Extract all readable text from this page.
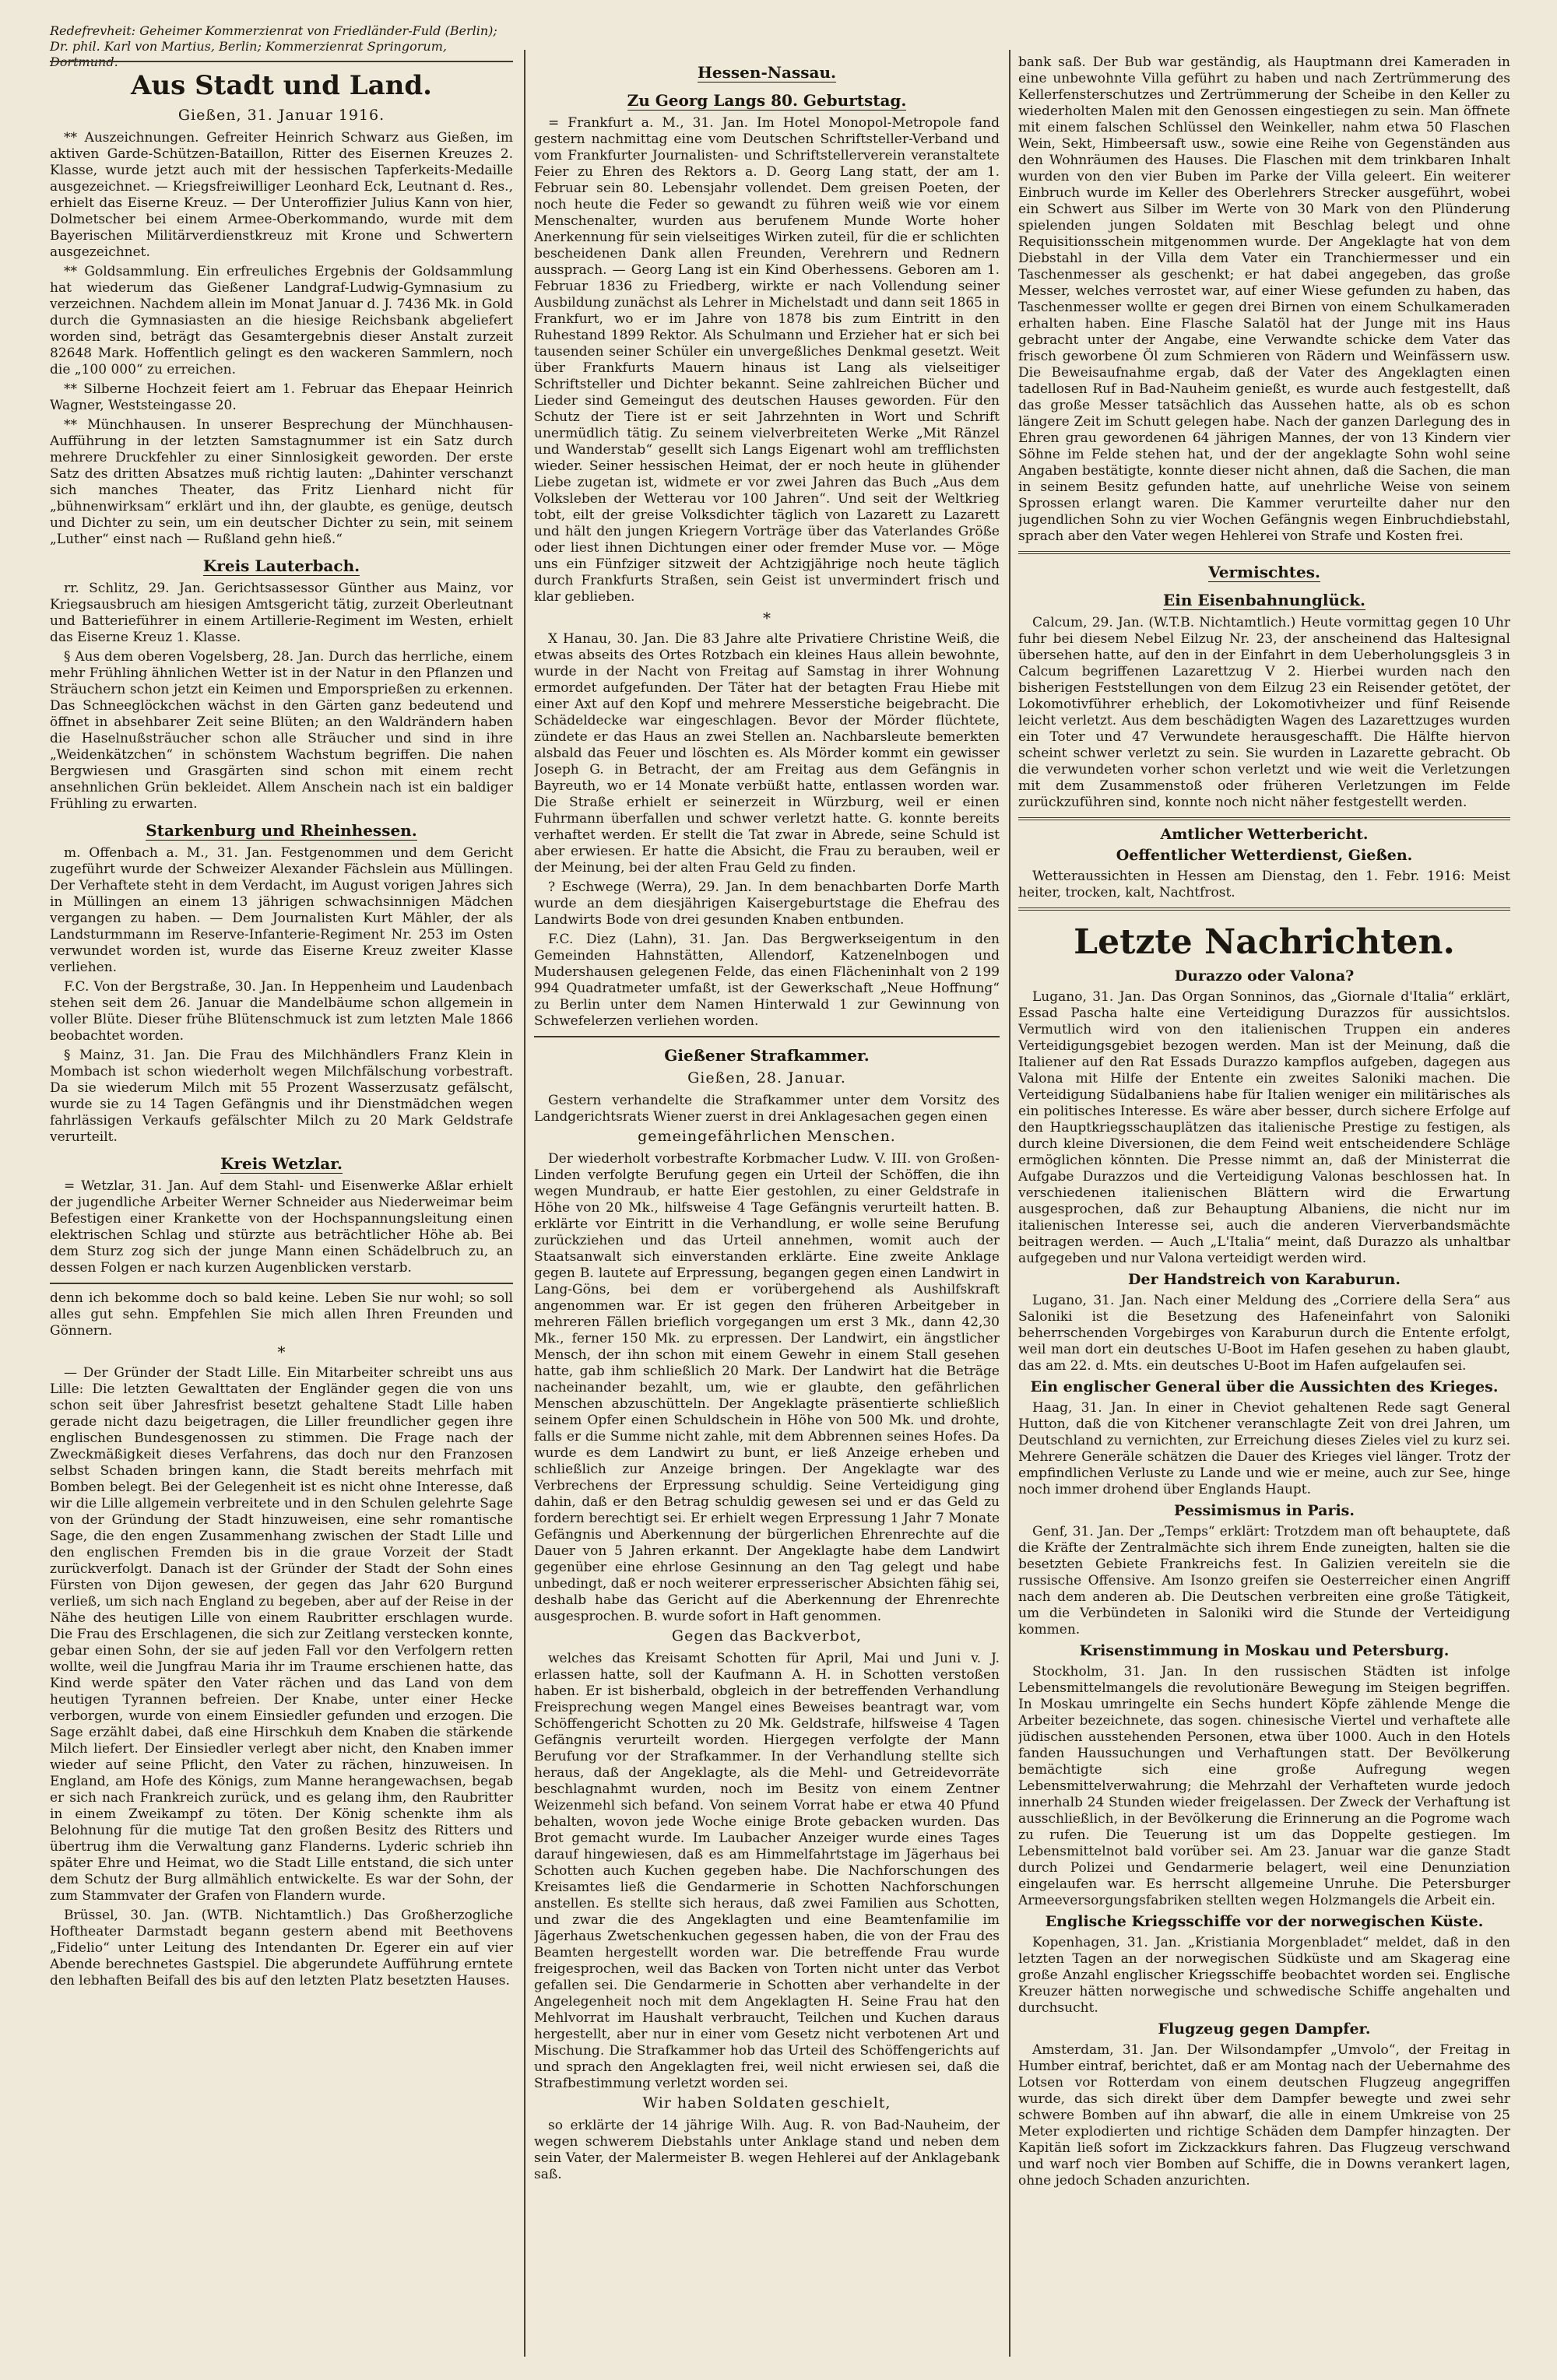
Redefrevheit: Geheimer Kommerzienrat von Friedländer-Fuld (Berlin); Dr. phil. Karl von Martius, Berlin; Kommerzienrat Springorum, Dortmund.
Aus Stadt und Land.
Gießen, 31. Januar 1916.

** Auszeichnungen. Gefreiter Heinrich Schwarz aus Gießen, im aktiven Garde-Schützen-Bataillon, Ritter des Eisernen Kreuzes 2. Klasse, wurde jetzt auch mit der hessischen Tapferkeits-Medaille ausgezeichnet. — Kriegsfreiwilliger Leonhard Eck, Leutnant d. Res., erhielt das Eiserne Kreuz. — Der Unteroffizier Julius Kann von hier, Dolmetscher bei einem Armee-Oberkommando, wurde mit dem Bayerischen Militärverdienstkreuz mit Krone und Schwertern ausgezeichnet.

** Goldsammlung. Ein erfreuliches Ergebnis der Goldsammlung hat wiederum das Gießener Landgraf-Ludwig-Gymnasium zu verzeichnen. Nachdem allein im Monat Januar d. J. 7436 Mk. in Gold durch die Gymnasiasten an die hiesige Reichsbank abgeliefert worden sind, beträgt das Gesamtergebnis dieser Anstalt zurzeit 82648 Mark. Hoffentlich gelingt es den wackeren Sammlern, noch die „100 000“ zu erreichen.

** Silberne Hochzeit feiert am 1. Februar das Ehepaar Heinrich Wagner, Weststeingasse 20.

** Münchhausen. In unserer Besprechung der Münchhausen-Aufführung in der letzten Samstagnummer ist ein Satz durch mehrere Druckfehler zu einer Sinnlosigkeit geworden. Der erste Satz des dritten Absatzes muß richtig lauten: „Dahinter verschanzt sich manches Theater, das Fritz Lienhard nicht für „bühnenwirksam“ erklärt und ihn, der glaubte, es genüge, deutsch und Dichter zu sein, um ein deutscher Dichter zu sein, mit seinem „Luther“ einst nach — Rußland gehn hieß.“

Kreis Lauterbach.

rr. Schlitz, 29. Jan. Gerichtsassessor Günther aus Mainz, vor Kriegsausbruch am hiesigen Amtsgericht tätig, zurzeit Oberleutnant und Batterieführer in einem Artillerie-Regiment im Westen, erhielt das Eiserne Kreuz 1. Klasse.

§ Aus dem oberen Vogelsberg, 28. Jan. Durch das herrliche, einem mehr Frühling ähnlichen Wetter ist in der Natur in den Pflanzen und Sträuchern schon jetzt ein Keimen und Emporsprießen zu erkennen. Das Schneeglöckchen wächst in den Gärten ganz bedeutend und öffnet in absehbarer Zeit seine Blüten; an den Waldrändern haben die Haselnußsträucher schon alle Sträucher und sind in ihre „Weidenkätzchen“ in schönstem Wachstum begriffen. Die nahen Bergwiesen und Grasgärten sind schon mit einem recht ansehnlichen Grün bekleidet. Allem Anschein nach ist ein baldiger Frühling zu erwarten.

Starkenburg und Rheinhessen.

m. Offenbach a. M., 31. Jan. Festgenommen und dem Gericht zugeführt wurde der Schweizer Alexander Fächslein aus Müllingen. Der Verhaftete steht in dem Verdacht, im August vorigen Jahres sich in Müllingen an einem 13 jährigen schwachsinnigen Mädchen vergangen zu haben. — Dem Journalisten Kurt Mähler, der als Landsturmmann im Reserve-Infanterie-Regiment Nr. 253 im Osten verwundet worden ist, wurde das Eiserne Kreuz zweiter Klasse verliehen.

F.C. Von der Bergstraße, 30. Jan. In Heppenheim und Laudenbach stehen seit dem 26. Januar die Mandelbäume schon allgemein in voller Blüte. Dieser frühe Blütenschmuck ist zum letzten Male 1866 beobachtet worden.

§ Mainz, 31. Jan. Die Frau des Milchhändlers Franz Klein in Mombach ist schon wiederholt wegen Milchfälschung vorbestraft. Da sie wiederum Milch mit 55 Prozent Wasserzusatz gefälscht, wurde sie zu 14 Tagen Gefängnis und ihr Dienstmädchen wegen fahrlässigen Verkaufs gefälschter Milch zu 20 Mark Geldstrafe verurteilt.

Kreis Wetzlar.

= Wetzlar, 31. Jan. Auf dem Stahl- und Eisenwerke Aßlar erhielt der jugendliche Arbeiter Werner Schneider aus Niederweimar beim Befestigen einer Krankette von der Hochspannungsleitung einen elektrischen Schlag und stürzte aus beträchtlicher Höhe ab. Bei dem Sturz zog sich der junge Mann einen Schädelbruch zu, an dessen Folgen er nach kurzen Augenblicken verstarb.

denn ich bekomme doch so bald keine. Leben Sie nur wohl; so soll alles gut sehn. Empfehlen Sie mich allen Ihren Freunden und Gönnern.

*

— Der Gründer der Stadt Lille. Ein Mitarbeiter schreibt uns aus Lille: Die letzten Gewalttaten der Engländer gegen die von uns schon seit über Jahresfrist besetzt gehaltene Stadt Lille haben gerade nicht dazu beigetragen, die Liller freundlicher gegen ihre englischen Bundesgenossen zu stimmen. Die Frage nach der Zweckmäßigkeit dieses Verfahrens, das doch nur den Franzosen selbst Schaden bringen kann, die Stadt bereits mehrfach mit Bomben belegt. Bei der Gelegenheit ist es nicht ohne Interesse, daß wir die Lille allgemein verbreitete und in den Schulen gelehrte Sage von der Gründung der Stadt hinzuweisen, eine sehr romantische Sage, die den engen Zusammenhang zwischen der Stadt Lille und den englischen Fremden bis in die graue Vorzeit der Stadt zurückverfolgt. Danach ist der Gründer der Stadt der Sohn eines Fürsten von Dijon gewesen, der gegen das Jahr 620 Burgund verließ, um sich nach England zu begeben, aber auf der Reise in der Nähe des heutigen Lille von einem Raubritter erschlagen wurde. Die Frau des Erschlagenen, die sich zur Zeitlang verstecken konnte, gebar einen Sohn, der sie auf jeden Fall vor den Verfolgern retten wollte, weil die Jungfrau Maria ihr im Traume erschienen hatte, das Kind werde später den Vater rächen und das Land von dem heutigen Tyrannen befreien. Der Knabe, unter einer Hecke verborgen, wurde von einem Einsiedler gefunden und erzogen. Die Sage erzählt dabei, daß eine Hirschkuh dem Knaben die stärkende Milch liefert. Der Einsiedler verlegt aber nicht, den Knaben immer wieder auf seine Pflicht, den Vater zu rächen, hinzuweisen. In England, am Hofe des Königs, zum Manne herangewachsen, begab er sich nach Frankreich zurück, und es gelang ihm, den Raubritter in einem Zweikampf zu töten. Der König schenkte ihm als Belohnung für die mutige Tat den großen Besitz des Ritters und übertrug ihm die Verwaltung ganz Flanderns. Lyderic schrieb ihn später Ehre und Heimat, wo die Stadt Lille entstand, die sich unter dem Schutz der Burg allmählich entwickelte. Es war der Sohn, der zum Stammvater der Grafen von Flandern wurde.

Brüssel, 30. Jan. (WTB. Nichtamtlich.) Das Großherzogliche Hoftheater Darmstadt begann gestern abend mit Beethovens „Fidelio“ unter Leitung des Intendanten Dr. Egerer ein auf vier Abende berechnetes Gastspiel. Die abgerundete Aufführung erntete den lebhaften Beifall des bis auf den letzten Platz besetzten Hauses.

Hessen-Nassau.
Zu Georg Langs 80. Geburtstag.

= Frankfurt a. M., 31. Jan. Im Hotel Monopol-Metropole fand gestern nachmittag eine vom Deutschen Schriftsteller-Verband und vom Frankfurter Journalisten- und Schriftstellerverein veranstaltete Feier zu Ehren des Rektors a. D. Georg Lang statt, der am 1. Februar sein 80. Lebensjahr vollendet. Dem greisen Poeten, der noch heute die Feder so gewandt zu führen weiß wie vor einem Menschenalter, wurden aus berufenem Munde Worte hoher Anerkennung für sein vielseitiges Wirken zuteil, für die er schlichten bescheidenen Dank allen Freunden, Verehrern und Rednern aussprach. — Georg Lang ist ein Kind Oberhessens. Geboren am 1. Februar 1836 zu Friedberg, wirkte er nach Vollendung seiner Ausbildung zunächst als Lehrer in Michelstadt und dann seit 1865 in Frankfurt, wo er im Jahre von 1878 bis zum Eintritt in den Ruhestand 1899 Rektor. Als Schulmann und Erzieher hat er sich bei tausenden seiner Schüler ein unvergeßliches Denkmal gesetzt. Weit über Frankfurts Mauern hinaus ist Lang als vielseitiger Schriftsteller und Dichter bekannt. Seine zahlreichen Bücher und Lieder sind Gemeingut des deutschen Hauses geworden. Für den Schutz der Tiere ist er seit Jahrzehnten in Wort und Schrift unermüdlich tätig. Zu seinem vielverbreiteten Werke „Mit Ränzel und Wanderstab“ gesellt sich Langs Eigenart wohl am trefflichsten wieder. Seiner hessischen Heimat, der er noch heute in glühender Liebe zugetan ist, widmete er vor zwei Jahren das Buch „Aus dem Volksleben der Wetterau vor 100 Jahren“. Und seit der Weltkrieg tobt, eilt der greise Volksdichter täglich von Lazarett zu Lazarett und hält den jungen Kriegern Vorträge über das Vaterlandes Größe oder liest ihnen Dichtungen einer oder fremder Muse vor. — Möge uns ein Fünfziger sitzweit der Achtzigjährige noch heute täglich durch Frankfurts Straßen, sein Geist ist unvermindert frisch und klar geblieben.

*

X Hanau, 30. Jan. Die 83 Jahre alte Privatiere Christine Weiß, die etwas abseits des Ortes Rotzbach ein kleines Haus allein bewohnte, wurde in der Nacht von Freitag auf Samstag in ihrer Wohnung ermordet aufgefunden. Der Täter hat der betagten Frau Hiebe mit einer Axt auf den Kopf und mehrere Messerstiche beigebracht. Die Schädeldecke war eingeschlagen. Bevor der Mörder flüchtete, zündete er das Haus an zwei Stellen an. Nachbarsleute bemerkten alsbald das Feuer und löschten es. Als Mörder kommt ein gewisser Joseph G. in Betracht, der am Freitag aus dem Gefängnis in Bayreuth, wo er 14 Monate verbüßt hatte, entlassen worden war. Die Straße erhielt er seinerzeit in Würzburg, weil er einen Fuhrmann überfallen und schwer verletzt hatte. G. konnte bereits verhaftet werden. Er stellt die Tat zwar in Abrede, seine Schuld ist aber erwiesen. Er hatte die Absicht, die Frau zu berauben, weil er der Meinung, bei der alten Frau Geld zu finden.

? Eschwege (Werra), 29. Jan. In dem benachbarten Dorfe Marth wurde an dem diesjährigen Kaisergeburtstage die Ehefrau des Landwirts Bode von drei gesunden Knaben entbunden.

F.C. Diez (Lahn), 31. Jan. Das Bergwerkseigentum in den Gemeinden Hahnstätten, Allendorf, Katzenelnbogen und Mudershausen gelegenen Felde, das einen Flächeninhalt von 2 199 994 Quadratmeter umfaßt, ist der Gewerkschaft „Neue Hoffnung“ zu Berlin unter dem Namen Hinterwald 1 zur Gewinnung von Schwefelerzen verliehen worden.

Gießener Strafkammer.
Gießen, 28. Januar.

Gestern verhandelte die Strafkammer unter dem Vorsitz des Landgerichtsrats Wiener zuerst in drei Anklagesachen gegen einen

gemeingefährlichen Menschen.

Der wiederholt vorbestrafte Korbmacher Ludw. V. III. von Großen-Linden verfolgte Berufung gegen ein Urteil der Schöffen, die ihn wegen Mundraub, er hatte Eier gestohlen, zu einer Geldstrafe in Höhe von 20 Mk., hilfsweise 4 Tage Gefängnis verurteilt hatten. B. erklärte vor Eintritt in die Verhandlung, er wolle seine Berufung zurückziehen und das Urteil annehmen, womit auch der Staatsanwalt sich einverstanden erklärte. Eine zweite Anklage gegen B. lautete auf Erpressung, begangen gegen einen Landwirt in Lang-Göns, bei dem er vorübergehend als Aushilfskraft angenommen war. Er ist gegen den früheren Arbeitgeber in mehreren Fällen brieflich vorgegangen um erst 3 Mk., dann 42,30 Mk., ferner 150 Mk. zu erpressen. Der Landwirt, ein ängstlicher Mensch, der ihn schon mit einem Gewehr in einem Stall gesehen hatte, gab ihm schließlich 20 Mark. Der Landwirt hat die Beträge nacheinander bezahlt, um, wie er glaubte, den gefährlichen Menschen abzuschütteln. Der Angeklagte präsentierte schließlich seinem Opfer einen Schuldschein in Höhe von 500 Mk. und drohte, falls er die Summe nicht zahle, mit dem Abbrennen seines Hofes. Da wurde es dem Landwirt zu bunt, er ließ Anzeige erheben und schließlich zur Anzeige bringen. Der Angeklagte war des Verbrechens der Erpressung schuldig. Seine Verteidigung ging dahin, daß er den Betrag schuldig gewesen sei und er das Geld zu fordern berechtigt sei. Er erhielt wegen Erpressung 1 Jahr 7 Monate Gefängnis und Aberkennung der bürgerlichen Ehrenrechte auf die Dauer von 5 Jahren erkannt. Der Angeklagte habe dem Landwirt gegenüber eine ehrlose Gesinnung an den Tag gelegt und habe unbedingt, daß er noch weiterer erpresserischer Absichten fähig sei, deshalb habe das Gericht auf die Aberkennung der Ehrenrechte ausgesprochen. B. wurde sofort in Haft genommen.

Gegen das Backverbot,

welches das Kreisamt Schotten für April, Mai und Juni v. J. erlassen hatte, soll der Kaufmann A. H. in Schotten verstoßen haben. Er ist bisherbald, obgleich in der betreffenden Verhandlung Freisprechung wegen Mangel eines Beweises beantragt war, vom Schöffengericht Schotten zu 20 Mk. Geldstrafe, hilfsweise 4 Tagen Gefängnis verurteilt worden. Hiergegen verfolgte der Mann Berufung vor der Strafkammer. In der Verhandlung stellte sich heraus, daß der Angeklagte, als die Mehl- und Getreidevorräte beschlagnahmt wurden, noch im Besitz von einem Zentner Weizenmehl sich befand. Von seinem Vorrat habe er etwa 40 Pfund behalten, wovon jede Woche einige Brote gebacken wurden. Das Brot gemacht wurde. Im Laubacher Anzeiger wurde eines Tages darauf hingewiesen, daß es am Himmelfahrtstage im Jägerhaus bei Schotten auch Kuchen gegeben habe. Die Nachforschungen des Kreisamtes ließ die Gendarmerie in Schotten Nachforschungen anstellen. Es stellte sich heraus, daß zwei Familien aus Schotten, und zwar die des Angeklagten und eine Beamtenfamilie im Jägerhaus Zwetschenkuchen gegessen haben, die von der Frau des Beamten hergestellt worden war. Die betreffende Frau wurde freigesprochen, weil das Backen von Torten nicht unter das Verbot gefallen sei. Die Gendarmerie in Schotten aber verhandelte in der Angelegenheit noch mit dem Angeklagten H. Seine Frau hat den Mehlvorrat im Haushalt verbraucht, Teilchen und Kuchen daraus hergestellt, aber nur in einer vom Gesetz nicht verbotenen Art und Mischung. Die Strafkammer hob das Urteil des Schöffengerichts auf und sprach den Angeklagten frei, weil nicht erwiesen sei, daß die Strafbestimmung verletzt worden sei.

Wir haben Soldaten geschielt,

so erklärte der 14 jährige Wilh. Aug. R. von Bad-Nauheim, der wegen schwerem Diebstahls unter Anklage stand und neben dem sein Vater, der Malermeister B. wegen Hehlerei auf der Anklagebank saß.

bank saß. Der Bub war geständig, als Hauptmann drei Kameraden in eine unbewohnte Villa geführt zu haben und nach Zertrümmerung des Kellerfensterschutzes und Zertrümmerung der Scheibe in den Keller zu wiederholten Malen mit den Genossen eingestiegen zu sein. Man öffnete mit einem falschen Schlüssel den Weinkeller, nahm etwa 50 Flaschen Wein, Sekt, Himbeersaft usw., sowie eine Reihe von Gegenständen aus den Wohnräumen des Hauses. Die Flaschen mit dem trinkbaren Inhalt wurden von den vier Buben im Parke der Villa geleert. Ein weiterer Einbruch wurde im Keller des Oberlehrers Strecker ausgeführt, wobei ein Schwert aus Silber im Werte von 30 Mark von den Plünderung spielenden jungen Soldaten mit Beschlag belegt und ohne Requisitionsschein mitgenommen wurde. Der Angeklagte hat von dem Diebstahl in der Villa dem Vater ein Tranchiermesser und ein Taschenmesser als geschenkt; er hat dabei angegeben, das große Messer, welches verrostet war, auf einer Wiese gefunden zu haben, das Taschenmesser wollte er gegen drei Birnen von einem Schulkameraden erhalten haben. Eine Flasche Salatöl hat der Junge mit ins Haus gebracht unter der Angabe, eine Verwandte schicke dem Vater das frisch geworbene Öl zum Schmieren von Rädern und Weinfässern usw. Die Beweisaufnahme ergab, daß der Vater des Angeklagten einen tadellosen Ruf in Bad-Nauheim genießt, es wurde auch festgestellt, daß das große Messer tatsächlich das Aussehen hatte, als ob es schon längere Zeit im Schutt gelegen habe. Nach der ganzen Darlegung des in Ehren grau gewordenen 64 jährigen Mannes, der von 13 Kindern vier Söhne im Felde stehen hat, und der der angeklagte Sohn wohl seine Angaben bestätigte, konnte dieser nicht ahnen, daß die Sachen, die man in seinem Besitz gefunden hatte, auf unehrliche Weise von seinem Sprossen erlangt waren. Die Kammer verurteilte daher nur den jugendlichen Sohn zu vier Wochen Gefängnis wegen Einbruchdiebstahl, sprach aber den Vater wegen Hehlerei von Strafe und Kosten frei.

Vermischtes.
Ein Eisenbahnunglück.

Calcum, 29. Jan. (W.T.B. Nichtamtlich.) Heute vormittag gegen 10 Uhr fuhr bei diesem Nebel Eilzug Nr. 23, der anscheinend das Haltesignal übersehen hatte, auf den in der Einfahrt in dem Ueberholungsgleis 3 in Calcum begriffenen Lazarettzug V 2. Hierbei wurden nach den bisherigen Feststellungen von dem Eilzug 23 ein Reisender getötet, der Lokomotivführer erheblich, der Lokomotivheizer und fünf Reisende leicht verletzt. Aus dem beschädigten Wagen des Lazarettzuges wurden ein Toter und 47 Verwundete herausgeschafft. Die Hälfte hiervon scheint schwer verletzt zu sein. Sie wurden in Lazarette gebracht. Ob die verwundeten vorher schon verletzt und wie weit die Verletzungen mit dem Zusammenstoß oder früheren Verletzungen im Felde zurückzuführen sind, konnte noch nicht näher festgestellt werden.

Amtlicher Wetterbericht.
Oeffentlicher Wetterdienst, Gießen.

Wetteraussichten in Hessen am Dienstag, den 1. Febr. 1916: Meist heiter, trocken, kalt, Nachtfrost.

Letzte Nachrichten.
Durazzo oder Valona?

Lugano, 31. Jan. Das Organ Sonninos, das „Giornale d'Italia“ erklärt, Essad Pascha halte eine Verteidigung Durazzos für aussichtslos. Vermutlich wird von den italienischen Truppen ein anderes Verteidigungsgebiet bezogen werden. Man ist der Meinung, daß die Italiener auf den Rat Essads Durazzo kampflos aufgeben, dagegen aus Valona mit Hilfe der Entente ein zweites Saloniki machen. Die Verteidigung Südalbaniens habe für Italien weniger ein militärisches als ein politisches Interesse. Es wäre aber besser, durch sichere Erfolge auf den Hauptkriegsschauplätzen das italienische Prestige zu festigen, als durch kleine Diversionen, die dem Feind weit entscheidendere Schläge ermöglichen könnten. Die Presse nimmt an, daß der Ministerrat die Aufgabe Durazzos und die Verteidigung Valonas beschlossen hat. In verschiedenen italienischen Blättern wird die Erwartung ausgesprochen, daß zur Behauptung Albaniens, die nicht nur im italienischen Interesse sei, auch die anderen Vierverbandsmächte beitragen werden. — Auch „L'Italia“ meint, daß Durazzo als unhaltbar aufgegeben und nur Valona verteidigt werden wird.

Der Handstreich von Karaburun.

Lugano, 31. Jan. Nach einer Meldung des „Corriere della Sera“ aus Saloniki ist die Besetzung des Hafeneinfahrt von Saloniki beherrschenden Vorgebirges von Karaburun durch die Entente erfolgt, weil man dort ein deutsches U-Boot im Hafen gesehen zu haben glaubt, das am 22. d. Mts. ein deutsches U-Boot im Hafen aufgelaufen sei.

Ein englischer General über die Aussichten des Krieges.

Haag, 31. Jan. In einer in Cheviot gehaltenen Rede sagt General Hutton, daß die von Kitchener veranschlagte Zeit von drei Jahren, um Deutschland zu vernichten, zur Erreichung dieses Zieles viel zu kurz sei. Mehrere Generäle schätzen die Dauer des Krieges viel länger. Trotz der empfindlichen Verluste zu Lande und wie er meine, auch zur See, hinge noch immer drohend über Englands Haupt.

Pessimismus in Paris.

Genf, 31. Jan. Der „Temps“ erklärt: Trotzdem man oft behauptete, daß die Kräfte der Zentralmächte sich ihrem Ende zuneigten, halten sie die besetzten Gebiete Frankreichs fest. In Galizien vereiteln sie die russische Offensive. Am Isonzo greifen sie Oesterreicher einen Angriff nach dem anderen ab. Die Deutschen verbreiten eine große Tätigkeit, um die Verbündeten in Saloniki wird die Stunde der Verteidigung kommen.

Krisenstimmung in Moskau und Petersburg.

Stockholm, 31. Jan. In den russischen Städten ist infolge Lebensmittelmangels die revolutionäre Bewegung im Steigen begriffen. In Moskau umringelte ein Sechs hundert Köpfe zählende Menge die Arbeiter bezeichnete, das sogen. chinesische Viertel und verhaftete alle jüdischen ausstehenden Personen, etwa über 1000. Auch in den Hotels fanden Haussuchungen und Verhaftungen statt. Der Bevölkerung bemächtigte sich eine große Aufregung wegen Lebensmittelverwahrung; die Mehrzahl der Verhafteten wurde jedoch innerhalb 24 Stunden wieder freigelassen. Der Zweck der Verhaftung ist ausschließlich, in der Bevölkerung die Erinnerung an die Pogrome wach zu rufen. Die Teuerung ist um das Doppelte gestiegen. Im Lebensmittelnot bald vorüber sei. Am 23. Januar war die ganze Stadt durch Polizei und Gendarmerie belagert, weil eine Denunziation eingelaufen war. Es herrscht allgemeine Unruhe. Die Petersburger Armeeversorgungsfabriken stellten wegen Holzmangels die Arbeit ein.

Englische Kriegsschiffe vor der norwegischen Küste.

Kopenhagen, 31. Jan. „Kristiania Morgenbladet“ meldet, daß in den letzten Tagen an der norwegischen Südküste und am Skagerag eine große Anzahl englischer Kriegsschiffe beobachtet worden sei. Englische Kreuzer hätten norwegische und schwedische Schiffe angehalten und durchsucht.

Flugzeug gegen Dampfer.

Amsterdam, 31. Jan. Der Wilsondampfer „Umvolo“, der Freitag in Humber eintraf, berichtet, daß er am Montag nach der Uebernahme des Lotsen vor Rotterdam von einem deutschen Flugzeug angegriffen wurde, das sich direkt über dem Dampfer bewegte und zwei sehr schwere Bomben auf ihn abwarf, die alle in einem Umkreise von 25 Meter explodierten und richtige Schäden dem Dampfer hinzagten. Der Kapitän ließ sofort im Zickzackkurs fahren. Das Flugzeug verschwand und warf noch vier Bomben auf Schiffe, die in Downs verankert lagen, ohne jedoch Schaden anzurichten.
